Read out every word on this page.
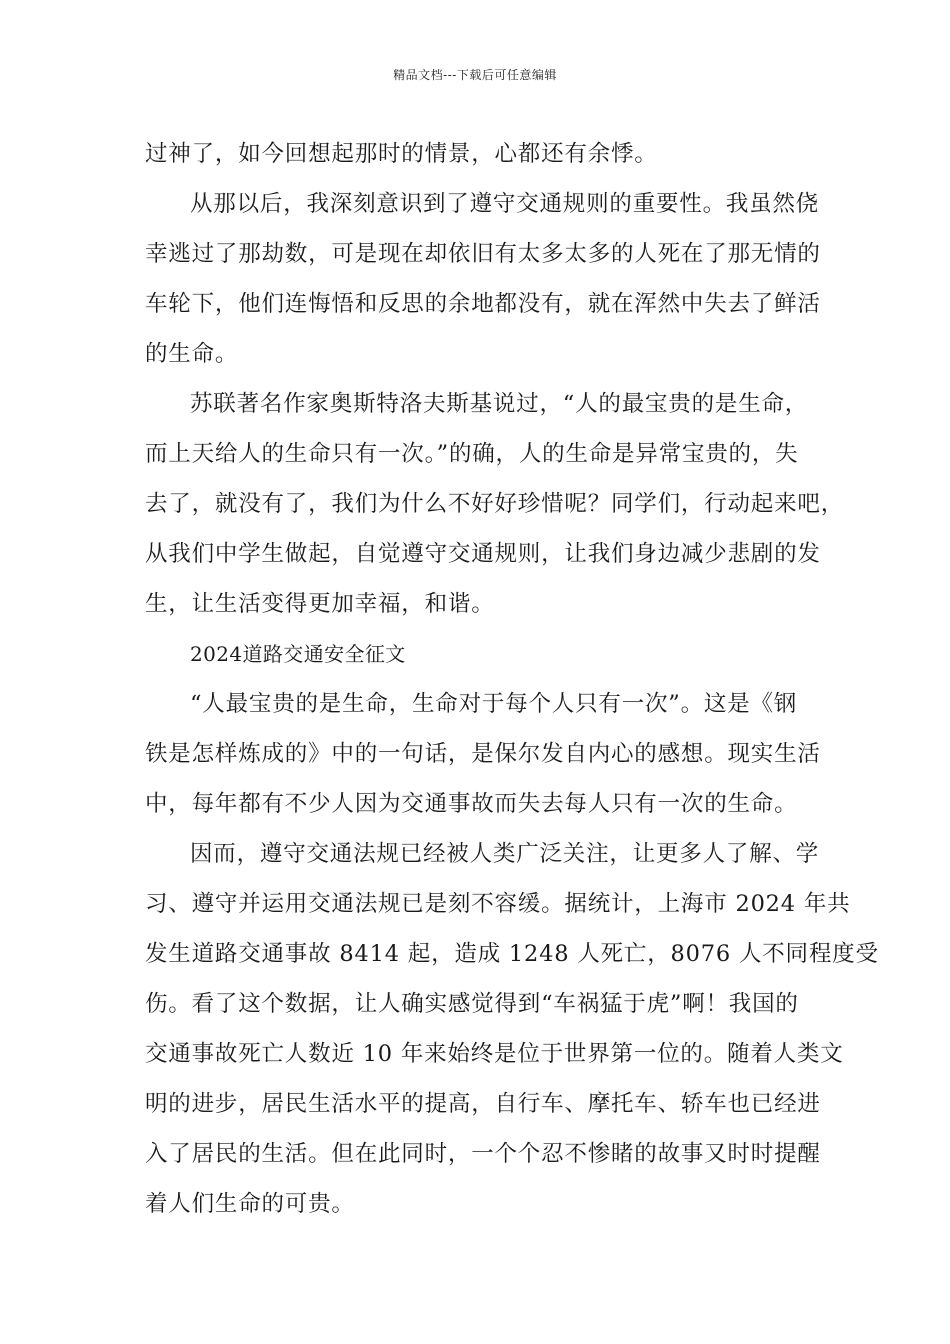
精品文档---下载后可任意编辑
过神了，如今回想起那时的情景，心都还有余悸。
从那以后，我深刻意识到了遵守交通规则的重要性。我虽然侥
幸逃过了那劫数，可是现在却依旧有太多太多的人死在了那无情的
车轮下，他们连悔悟和反思的余地都没有，就在浑然中失去了鲜活
的生命。
苏联著名作家奥斯特洛夫斯基说过，“人的最宝贵的是生命，
而上天给人的生命只有一次。”的确，人的生命是异常宝贵的，失
去了，就没有了，我们为什么不好好珍惜呢？同学们，行动起来吧，
从我们中学生做起，自觉遵守交通规则，让我们身边减少悲剧的发
生，让生活变得更加幸福，和谐。
2024道路交通安全征文
“人最宝贵的是生命，生命对于每个人只有一次”。这是《钢
铁是怎样炼成的》中的一句话，是保尔发自内心的感想。现实生活
中，每年都有不少人因为交通事故而失去每人只有一次的生命。
因而，遵守交通法规已经被人类广泛关注，让更多人了解、学
习、遵守并运用交通法规已是刻不容缓。据统计，上海市 2024 年共
发生道路交通事故 8414 起，造成 1248 人死亡，8076 人不同程度受
伤。看了这个数据，让人确实感觉得到“车祸猛于虎”啊！我国的
交通事故死亡人数近 10 年来始终是位于世界第一位的。随着人类文
明的进步，居民生活水平的提高，自行车、摩托车、轿车也已经进
入了居民的生活。但在此同时，一个个忍不惨睹的故事又时时提醒
着人们生命的可贵。
